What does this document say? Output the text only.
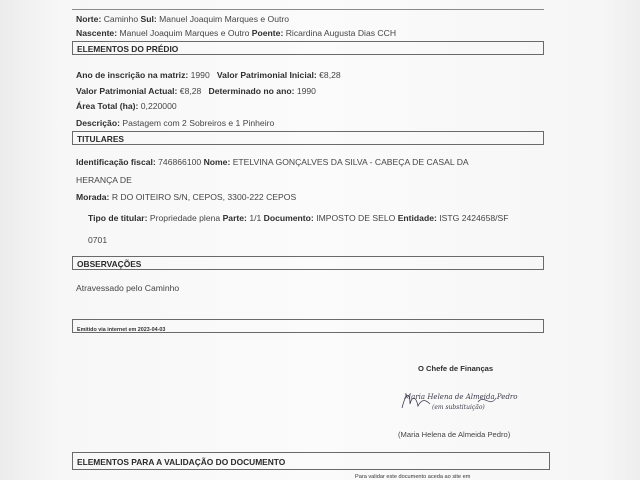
Norte: Caminho Sul: Manuel Joaquim Marques e Outro
Nascente: Manuel Joaquim Marques e Outro Poente: Ricardina Augusta Dias CCH
ELEMENTOS DO PRÉDIO
Ano de inscrição na matriz: 1990 Valor Patrimonial Inicial: €8,28
Valor Patrimonial Actual: €8,28 Determinado no ano: 1990
Área Total (ha): 0,220000
Descrição: Pastagem com 2 Sobreiros e 1 Pinheiro
TITULARES
Identificação fiscal: 746866100 Nome: ETELVINA GONÇALVES DA SILVA - CABEÇA DE CASAL DA
HERANÇA DE
Morada: R DO OITEIRO S/N, CEPOS, 3300-222 CEPOS
Tipo de titular: Propriedade plena Parte: 1/1 Documento: IMPOSTO DE SELO Entidade: ISTG 2424658/SF
0701
OBSERVAÇÕES
Atravessado pelo Caminho
Emitido via internet em 2023-04-03
O Chefe de Finanças
Maria Helena de Almeida Pedro
(em substituição)
(Maria Helena de Almeida Pedro)
ELEMENTOS PARA A VALIDAÇÃO DO DOCUMENTO
Para validar este documento aceda ao site em
